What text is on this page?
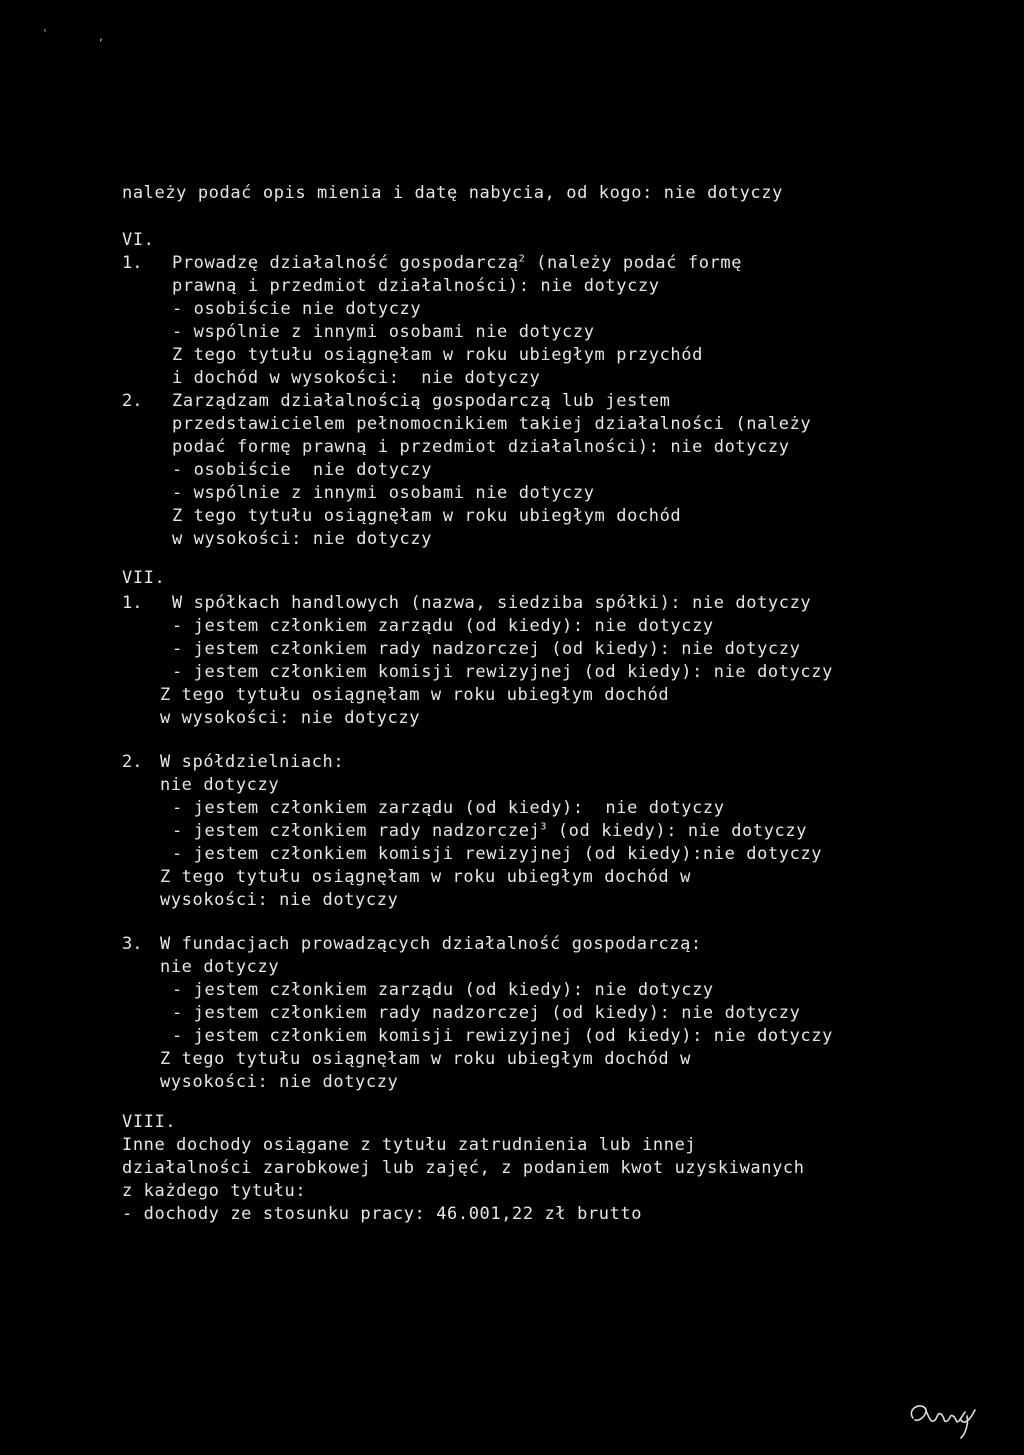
'	,
należy podać opis mienia i datę nabycia, od kogo: nie dotyczy
VI.
1. Prowadzę działalność gospodarczą$^2$ (należy podać formę
prawną i przedmiot działalności): nie dotyczy
- osobiście nie dotyczy
- wspólnie z innymi osobami nie dotyczy
Z tego tytułu osiągnęłam w roku ubiegłym przychód
i dochód w wysokości:  nie dotyczy
2. Zarządzam działalnością gospodarczą lub jestem
przedstawicielem pełnomocnikiem takiej działalności (należy
podać formę prawną i przedmiot działalności): nie dotyczy
- osobiście  nie dotyczy
- wspólnie z innymi osobami nie dotyczy
Z tego tytułu osiągnęłam w roku ubiegłym dochód
w wysokości: nie dotyczy
VII.
1. W spółkach handlowych (nazwa, siedziba spółki): nie dotyczy
- jestem członkiem zarządu (od kiedy): nie dotyczy
- jestem członkiem rady nadzorczej (od kiedy): nie dotyczy
- jestem członkiem komisji rewizyjnej (od kiedy): nie dotyczy
Z tego tytułu osiągnęłam w roku ubiegłym dochód
w wysokości: nie dotyczy
2. W spółdzielniach:
nie dotyczy
- jestem członkiem zarządu (od kiedy):  nie dotyczy
- jestem członkiem rady nadzorczej$^3$ (od kiedy): nie dotyczy
- jestem członkiem komisji rewizyjnej (od kiedy):nie dotyczy
Z tego tytułu osiągnęłam w roku ubiegłym dochód w
wysokości: nie dotyczy
3. W fundacjach prowadzących działalność gospodarczą:
nie dotyczy
- jestem członkiem zarządu (od kiedy): nie dotyczy
- jestem członkiem rady nadzorczej (od kiedy): nie dotyczy
- jestem członkiem komisji rewizyjnej (od kiedy): nie dotyczy
Z tego tytułu osiągnęłam w roku ubiegłym dochód w
wysokości: nie dotyczy
VIII.
Inne dochody osiągane z tytułu zatrudnienia lub innej
działalności zarobkowej lub zajęć, z podaniem kwot uzyskiwanych
z każdego tytułu:
- dochody ze stosunku pracy: 46.001,22 zł brutto
